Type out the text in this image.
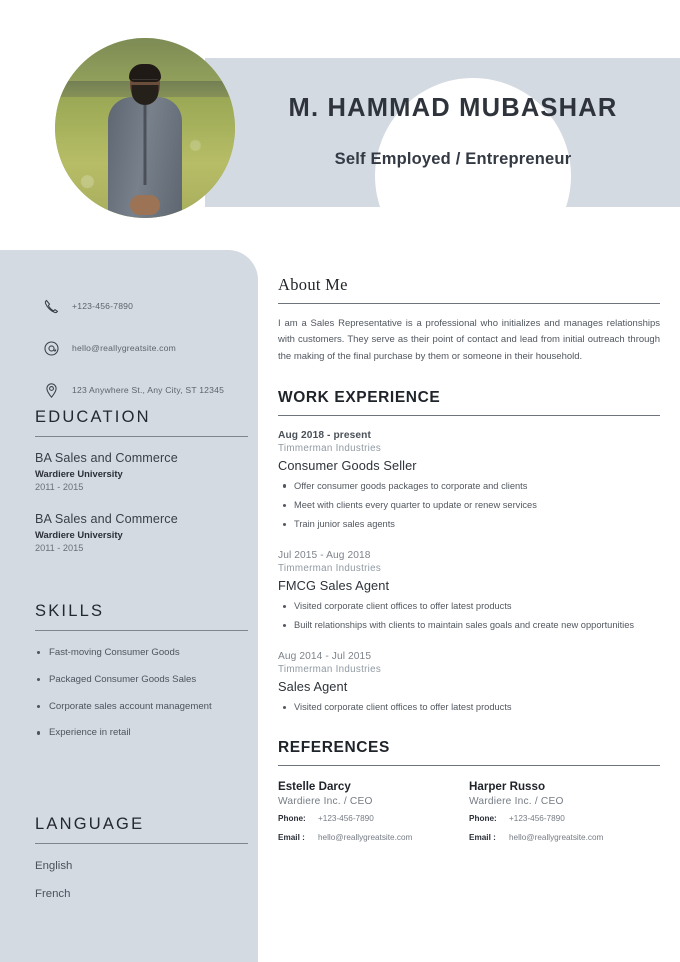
M. HAMMAD MUBASHAR
Self Employed / Entrepreneur
+123-456-7890
hello@reallygreatsite.com
123 Anywhere St., Any City, ST 12345
EDUCATION
BA Sales and Commerce
Wardiere University
2011 - 2015
BA Sales and Commerce
Wardiere University
2011 - 2015
SKILLS
Fast-moving Consumer Goods
Packaged Consumer Goods Sales
Corporate sales account management
Experience in retail
LANGUAGE
English
French
About Me

I am a Sales Representative is a professional who initializes and manages relationships with customers. They serve as their point of contact and lead from initial outreach through the making of the final purchase by them or someone in their household.

WORK EXPERIENCE
Aug 2018 - present
Timmerman Industries
Consumer Goods Seller
Offer consumer goods packages to corporate and clients
Meet with clients every quarter to update or renew services
Train junior sales agents
Jul 2015 - Aug 2018
Timmerman Industries
FMCG Sales Agent
Visited corporate client offices to offer latest products
Built relationships with clients to maintain sales goals and create new opportunities
Aug 2014 - Jul 2015
Timmerman Industries
Sales Agent
Visited corporate client offices to offer latest products
REFERENCES
Estelle Darcy
Wardiere Inc. / CEO
Phone:	+123-456-7890
Email :	hello@reallygreatsite.com
Harper Russo
Wardiere Inc. / CEO
Phone:	+123-456-7890
Email :	hello@reallygreatsite.com
